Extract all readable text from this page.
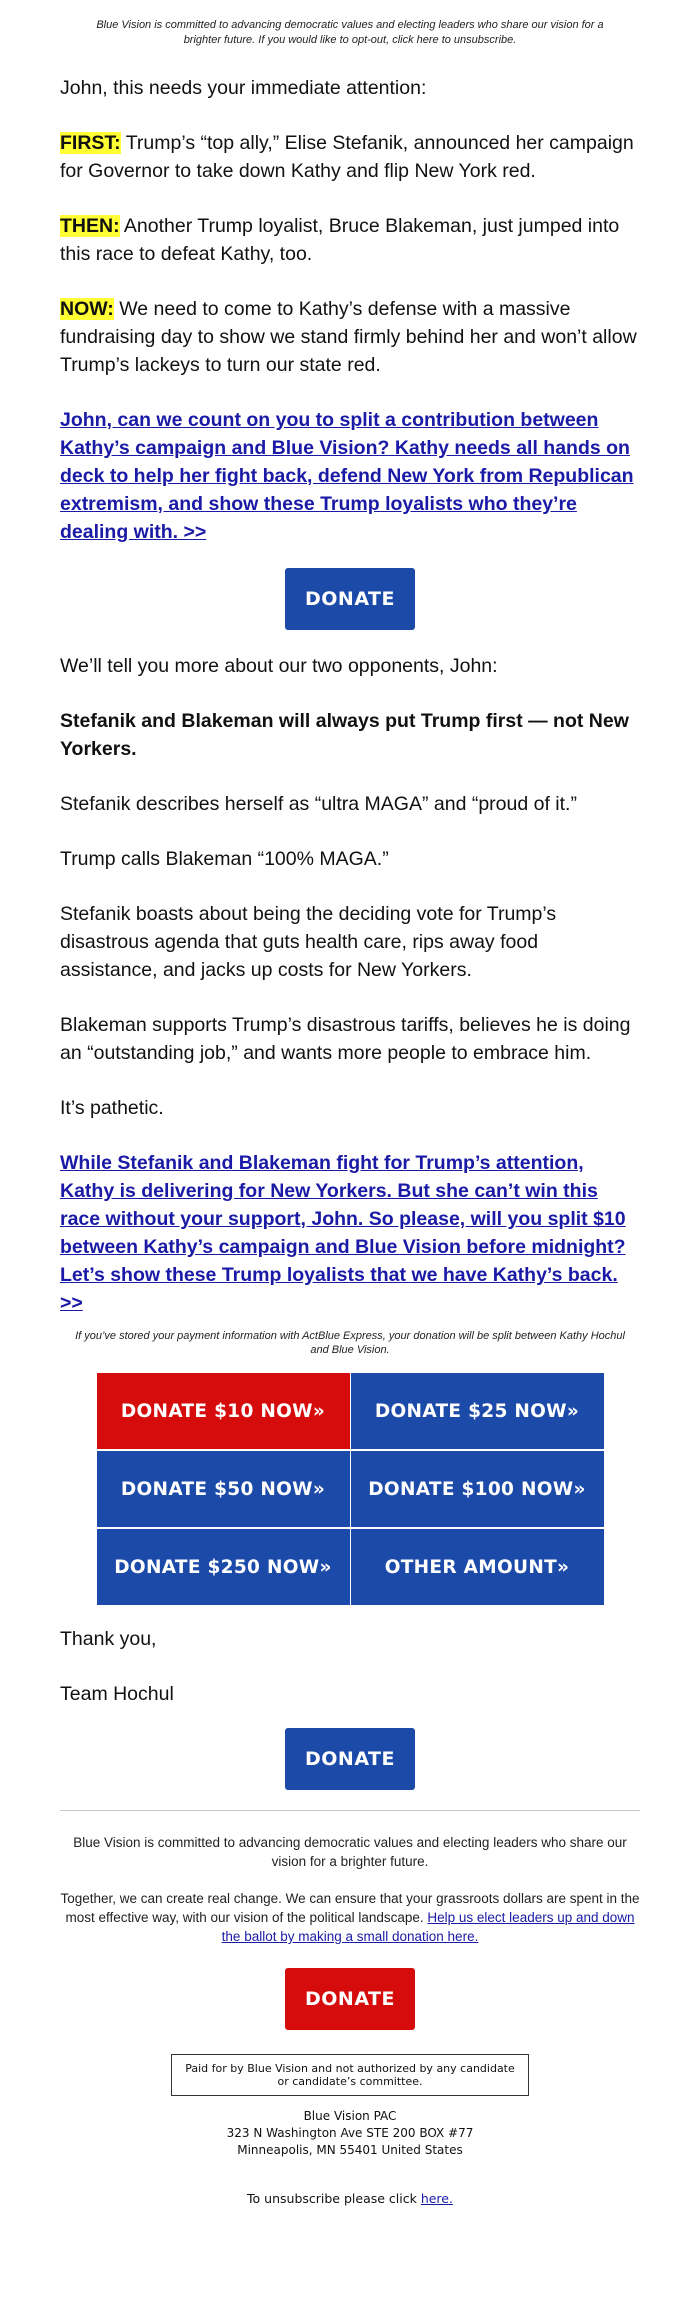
Blue Vision is committed to advancing democratic values and electing leaders who share our vision for a brighter future. If you would like to opt-out, click here to unsubscribe.

John, this needs your immediate attention:

FIRST: Trump’s “top ally,” Elise Stefanik, announced her campaign for Governor to take down Kathy and flip New York red.

THEN: Another Trump loyalist, Bruce Blakeman, just jumped into this race to defeat Kathy, too.

NOW: We need to come to Kathy’s defense with a massive fundraising day to show we stand firmly behind her and won’t allow Trump’s lackeys to turn our state red.

John, can we count on you to split a contribution between Kathy’s campaign and Blue Vision? Kathy needs all hands on deck to help her fight back, defend New York from Republican extremism, and show these Trump loyalists who they’re dealing with. >>

DONATE

We’ll tell you more about our two opponents, John:

Stefanik and Blakeman will always put Trump first — not New Yorkers.

Stefanik describes herself as “ultra MAGA” and “proud of it.”

Trump calls Blakeman “100% MAGA.”

Stefanik boasts about being the deciding vote for Trump’s disastrous agenda that guts health care, rips away food assistance, and jacks up costs for New Yorkers.

Blakeman supports Trump’s disastrous tariffs, believes he is doing an “outstanding job,” and wants more people to embrace him.

It’s pathetic.

While Stefanik and Blakeman fight for Trump’s attention, Kathy is delivering for New Yorkers. But she can’t win this race without your support, John. So please, will you split $10 between Kathy’s campaign and Blue Vision before midnight? Let’s show these Trump loyalists that we have Kathy’s back. >>

If you’ve stored your payment information with ActBlue Express, your donation will be split between Kathy Hochul and Blue Vision.
DONATE $10 NOW»	DONATE $25 NOW»
DONATE $50 NOW»	DONATE $100 NOW»
DONATE $250 NOW»	OTHER AMOUNT»

Thank you,

Team Hochul

DONATE
Blue Vision is committed to advancing democratic values and electing leaders who share our vision for a brighter future.
Together, we can create real change. We can ensure that your grassroots dollars are spent in the most effective way, with our vision of the political landscape. Help us elect leaders up and down the ballot by making a small donation here.
DONATE
Paid for by Blue Vision and not authorized by any candidate or candidate’s committee.
Blue Vision PAC
323 N Washington Ave STE 200 BOX #77
Minneapolis, MN 55401 United States
To unsubscribe please click here.
